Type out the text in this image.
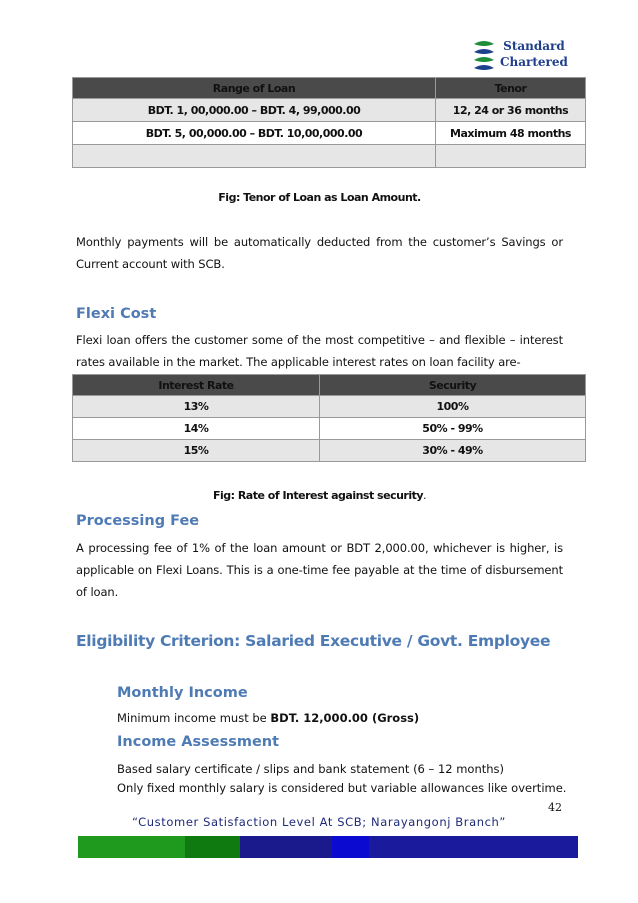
Standard
Chartered
Range of Loan	Tenor
BDT. 1, 00,000.00 – BDT. 4, 99,000.00	12, 24 or 36 months
BDT. 5, 00,000.00 – BDT. 10,00,000.00	Maximum 48 months

Fig: Tenor of Loan as Loan Amount.
Monthly payments will be automatically deducted from the customer’s Savings or Current account with SCB.
Flexi Cost
Flexi loan offers the customer some of the most competitive – and flexible – interest rates available in the market. The applicable interest rates on loan facility are-
Interest Rate	Security
13%	100%
14%	50% - 99%
15%	30% - 49%
Fig: Rate of Interest against security.
Processing Fee
A processing fee of 1% of the loan amount or BDT 2,000.00, whichever is higher, is applicable on Flexi Loans. This is a one-time fee payable at the time of disbursement of loan.
Eligibility Criterion: Salaried Executive / Govt. Employee
Monthly Income
Minimum income must be BDT. 12,000.00 (Gross)
Income Assessment
Based salary certificate / slips and bank statement (6 – 12 months)
Only fixed monthly salary is considered but variable allowances like overtime.
42
“Customer Satisfaction Level At SCB; Narayangonj Branch”
